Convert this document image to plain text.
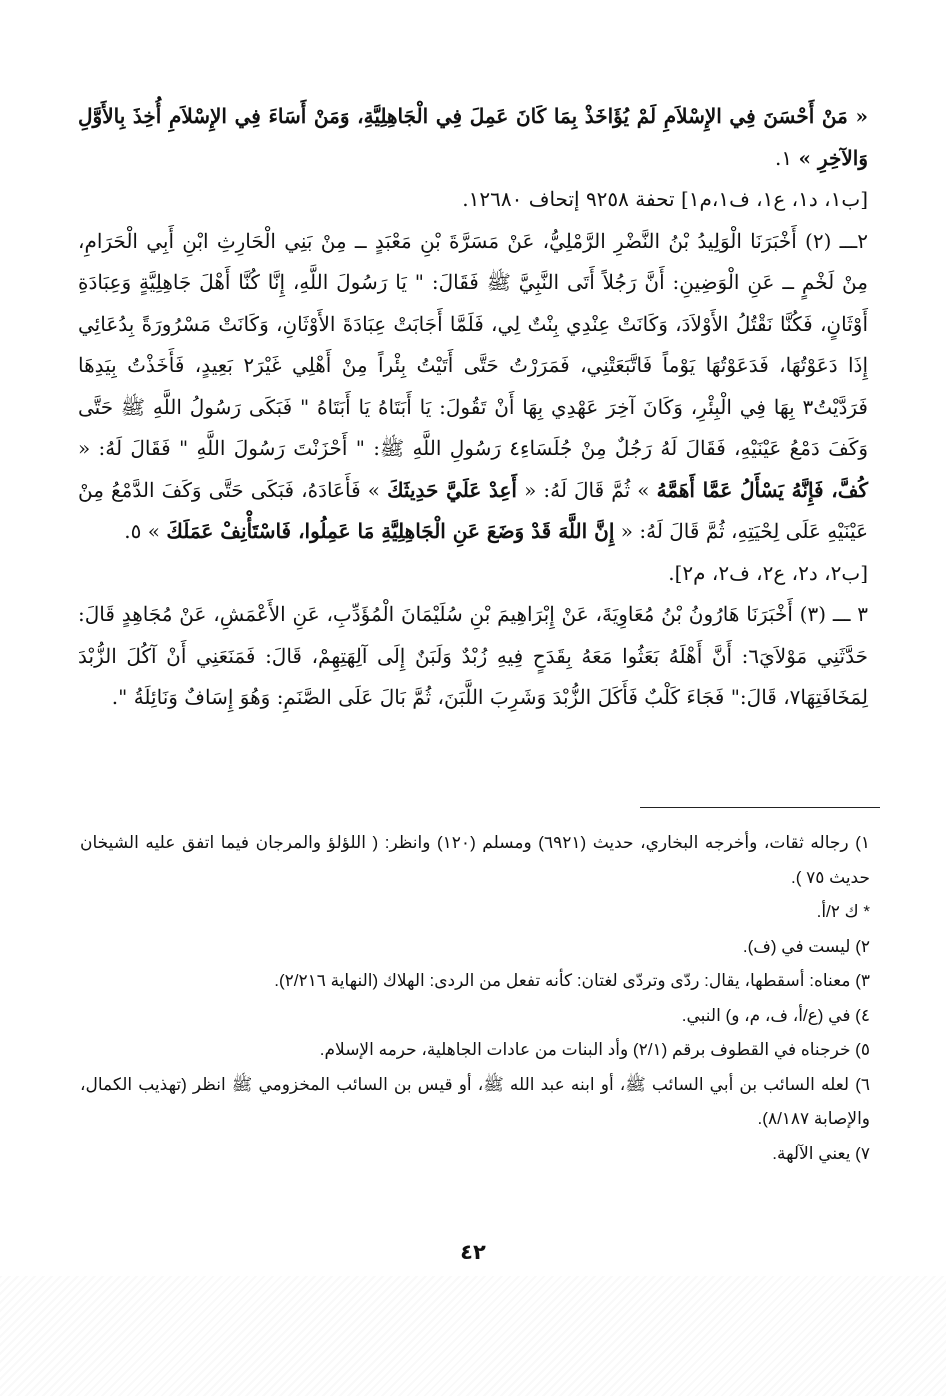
« مَنْ أَحْسَنَ فِي الإِسْلاَمِ لَمْ يُؤَاخَذْ بِمَا كَانَ عَمِلَ فِي الْجَاهِلِيَّةِ، وَمَنْ أَسَاءَ فِي الإِسْلاَمِ أُخِذَ بِالأَوَّلِ وَالآخِرِ » ١.

[ب١، د١، ع١، ف١،م١] تحفة ٩٢٥٨ إتحاف ١٢٦٨٠.

٢ـــ (٢) أَخْبَرَنَا الْوَلِيدُ بْنُ النَّضْرِ الرَّمْلِيُّ، عَنْ مَسَرَّةَ بْنِ مَعْبَدٍ ــ مِنْ بَنِي الْحَارِثِ ابْنِ أَبِي الْحَرَامِ، مِنْ لَخْمٍ ــ عَنِ الْوَضِينِ: أَنَّ رَجُلاً أَتَى النَّبِيَّ ﷺ فَقَالَ: " يَا رَسُولَ اللَّهِ، إِنَّا كُنَّا أَهْلَ جَاهِلِيَّةٍ وَعِبَادَةِ أَوْثَانٍ، فَكُنَّا نَقْتُلُ الأَوْلاَدَ، وَكَانَتْ عِنْدِي بِنْتٌ لِي، فَلَمَّا أَجَابَتْ عِبَادَةَ الأَوْثَانِ، وَكَانَتْ مَسْرُورَةً بِدُعَائِي إِذَا دَعَوْتُهَا، فَدَعَوْتُهَا يَوْماً فَاتَّبَعَتْنِي، فَمَرَرْتُ حَتَّى أَتَيْتُ بِئْراً مِنْ أَهْلِي غَيْرَ٢ بَعِيدٍ، فَأَخَذْتُ بِيَدِهَا فَرَدَّيْتُ٣ بِهَا فِي الْبِئْرِ، وَكَانَ آخِرَ عَهْدِي بِهَا أَنْ تَقُولَ: يَا أَبَتَاهُ يَا أَبَتَاهُ " فَبَكَى رَسُولُ اللَّهِ ﷺ حَتَّى وَكَفَ دَمْعُ عَيْنَيْهِ، فَقَالَ لَهُ رَجُلٌ مِنْ جُلَسَاءِ٤ رَسُولِ اللَّهِ ﷺ: " أَحْزَنْتَ رَسُولَ اللَّهِ " فَقَالَ لَهُ: « كُفَّ، فَإِنَّهُ يَسْأَلُ عَمَّا أَهَمَّهُ » ثُمَّ قَالَ لَهُ: « أَعِدْ عَلَيَّ حَدِيثَكَ » فَأَعَادَهُ، فَبَكَى حَتَّى وَكَفَ الدَّمْعُ مِنْ عَيْنَيْهِ عَلَى لِحْيَتِهِ، ثُمَّ قَالَ لَهُ: « إِنَّ اللَّهَ قَدْ وَضَعَ عَنِ الْجَاهِلِيَّةِ مَا عَمِلُوا، فَاسْتَأْنِفْ عَمَلَكَ » ٥.

[ب٢، د٢، ع٢، ف٢، م٢].

٣ ـــ (٣) أَخْبَرَنَا هَارُونُ بْنُ مُعَاوِيَةَ، عَنْ إِبْرَاهِيمَ بْنِ سُلَيْمَانَ الْمُؤَدِّبِ، عَنِ الأَعْمَشِ، عَنْ مُجَاهِدٍ قَالَ: حَدَّثَنِي مَوْلاَيَ٦: أَنَّ أَهْلَهُ بَعَثُوا مَعَهُ بِقَدَحٍ فِيهِ زُبْدٌ وَلَبَنٌ إِلَى آلِهَتِهِمْ، قَالَ: فَمَنَعَنِي أَنْ آكُلَ الزُّبْدَ لِمَخَافَتِهَا٧، قَالَ:" فَجَاءَ كَلْبٌ فَأَكَلَ الزُّبْدَ وَشَرِبَ اللَّبَنَ، ثُمَّ بَالَ عَلَى الصَّنَمِ: وَهُوَ إِسَافٌ وَنَائِلَةُ ".

١) رجاله ثقات، وأخرجه البخاري، حديث (٦٩٢١) ومسلم (١٢٠) وانظر: ( اللؤلؤ والمرجان فيما اتفق عليه الشيخان حديث ٧٥ ).

* ك ٢/أ.

٢) ليست في (ف).

٣) معناه: أسقطها، يقال: ردّى وتردّى لغتان: كأنه تفعل من الردى: الهلاك (النهاية ٢/٢١٦).

٤) في (ع/أ، ف، م، و) النبي.

٥) خرجناه في القطوف برقم (٢/١) وأد البنات من عادات الجاهلية، حرمه الإسلام.

٦) لعله السائب بن أبي السائب ﷺ، أو ابنه عبد الله ﷺ، أو قيس بن السائب المخزومي ﷺ انظر (تهذيب الكمال، والإصابة ٨/١٨٧).

٧) يعني الآلهة.

٤٢
